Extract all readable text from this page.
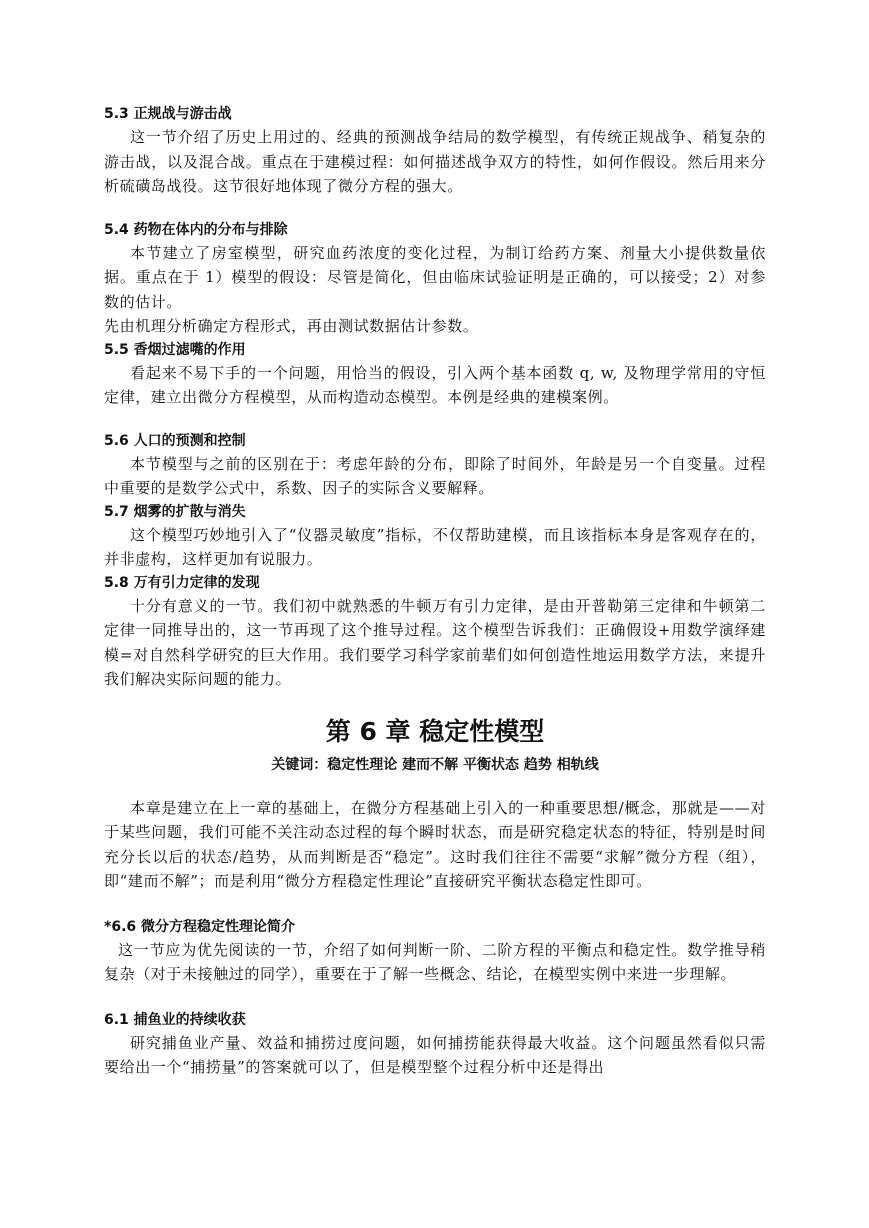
5.3 正规战与游击战

这一节介绍了历史上用过的、经典的预测战争结局的数学模型，有传统正规战争、稍复杂的游击战，以及混合战。重点在于建模过程：如何描述战争双方的特性，如何作假设。然后用来分析硫磺岛战役。这节很好地体现了微分方程的强大。

5.4 药物在体内的分布与排除

本节建立了房室模型，研究血药浓度的变化过程，为制订给药方案、剂量大小提供数量依据。重点在于 1）模型的假设：尽管是简化，但由临床试验证明是正确的，可以接受；2）对参数的估计。

先由机理分析确定方程形式，再由测试数据估计参数。

5.5 香烟过滤嘴的作用

看起来不易下手的一个问题，用恰当的假设，引入两个基本函数 q, w, 及物理学常用的守恒定律，建立出微分方程模型，从而构造动态模型。本例是经典的建模案例。

5.6 人口的预测和控制

本节模型与之前的区别在于：考虑年龄的分布，即除了时间外，年龄是另一个自变量。过程中重要的是数学公式中，系数、因子的实际含义要解释。

5.7 烟雾的扩散与消失

这个模型巧妙地引入了“仪器灵敏度”指标，不仅帮助建模，而且该指标本身是客观存在的，并非虚构，这样更加有说服力。

5.8 万有引力定律的发现

十分有意义的一节。我们初中就熟悉的牛顿万有引力定律，是由开普勒第三定律和牛顿第二定律一同推导出的，这一节再现了这个推导过程。这个模型告诉我们：正确假设+用数学演绎建模=对自然科学研究的巨大作用。我们要学习科学家前辈们如何创造性地运用数学方法，来提升我们解决实际问题的能力。

第 6 章 稳定性模型

关键词：稳定性理论 建而不解 平衡状态 趋势 相轨线

本章是建立在上一章的基础上，在微分方程基础上引入的一种重要思想/概念，那就是——对于某些问题，我们可能不关注动态过程的每个瞬时状态，而是研究稳定状态的特征，特别是时间充分长以后的状态/趋势，从而判断是否“稳定”。这时我们往往不需要“求解”微分方程（组），即“建而不解”；而是利用“微分方程稳定性理论”直接研究平衡状态稳定性即可。

*6.6 微分方程稳定性理论简介

这一节应为优先阅读的一节，介绍了如何判断一阶、二阶方程的平衡点和稳定性。数学推导稍复杂（对于未接触过的同学），重要在于了解一些概念、结论，在模型实例中来进一步理解。

6.1 捕鱼业的持续收获

研究捕鱼业产量、效益和捕捞过度问题，如何捕捞能获得最大收益。这个问题虽然看似只需要给出一个“捕捞量”的答案就可以了，但是模型整个过程分析中还是得出
